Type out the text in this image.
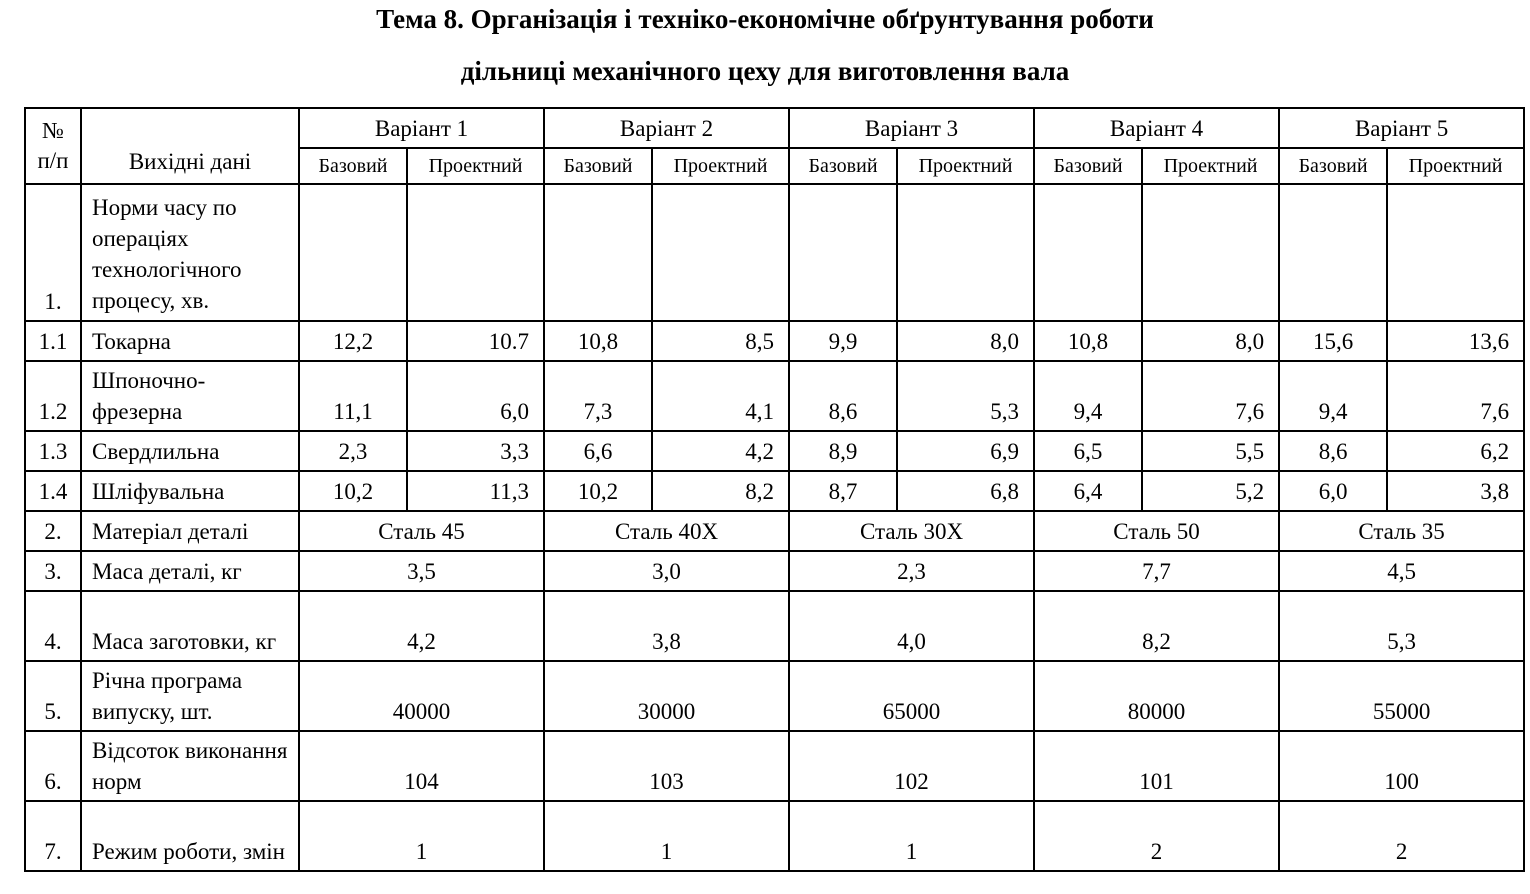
Тема 8. Організація і техніко-економічне обґрунтування роботи
дільниці механічного цеху для виготовлення вала
№ п/п	Вихідні дані	Варіант 1		Варіант 2		Варіант 3		Варіант 4		Варіант 5	
		Базовий	Проектний	Базовий	Проектний	Базовий	Проектний	Базовий	Проектний	Базовий	Проектний
1.	Норми часу по операціях технологічного процесу, хв.										
1.1	Токарна	12,2	10.7	10,8	8,5	9,9	8,0	10,8	8,0	15,6	13,6
1.2	Шпоночно-фрезерна	11,1	6,0	7,3	4,1	8,6	5,3	9,4	7,6	9,4	7,6
1.3	Свердлильна	2,3	3,3	6,6	4,2	8,9	6,9	6,5	5,5	8,6	6,2
1.4	Шліфувальна	10,2	11,3	10,2	8,2	8,7	6,8	6,4	5,2	6,0	3,8
2.	Матеріал деталі	Сталь 45		Сталь 40Х		Сталь 30Х		Сталь 50		Сталь 35	
3.	Маса деталі, кг	3,5		3,0		2,3		7,7		4,5	
4.	Маса заготовки, кг	4,2		3,8		4,0		8,2		5,3	
5.	Річна програма випуску, шт.	40000		30000		65000		80000		55000	
6.	Відсоток виконання норм	104		103		102		101		100	
7.	Режим роботи, змін	1		1		1		2		2	
